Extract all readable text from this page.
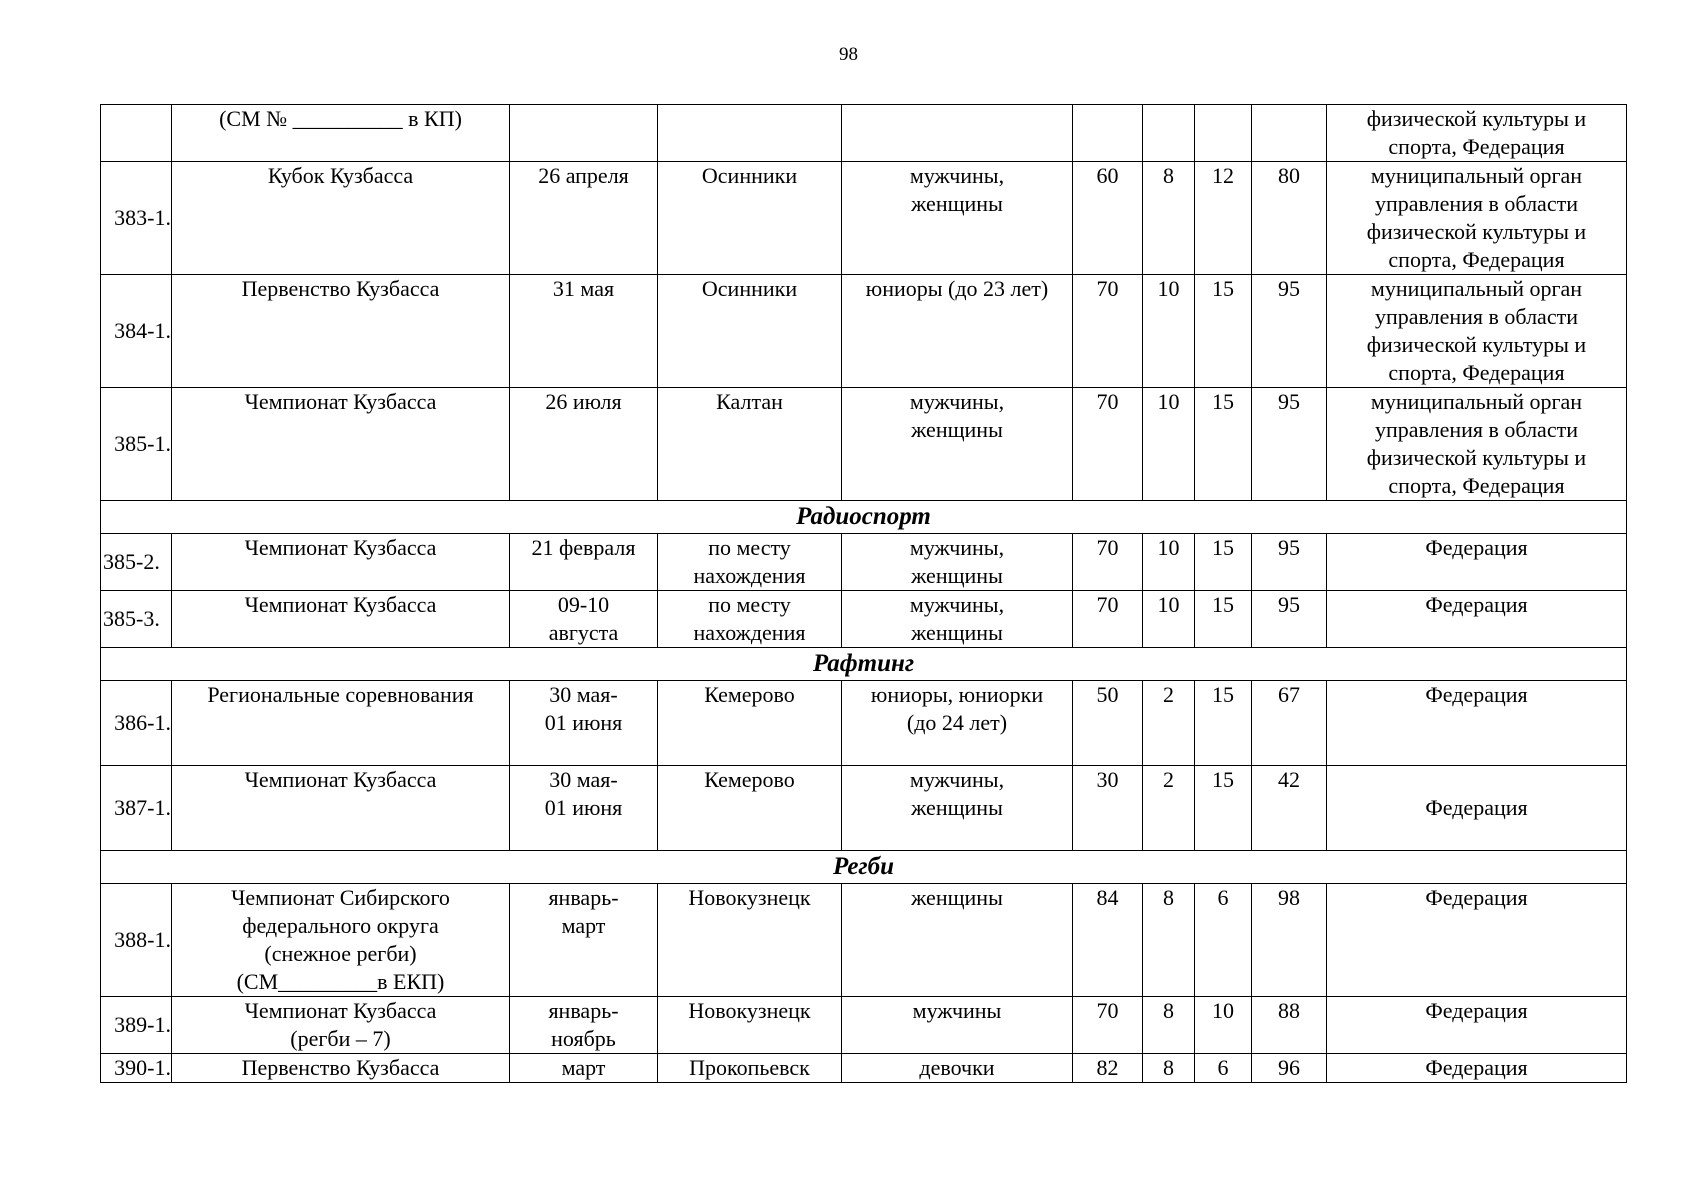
98

	(СМ № __________ в КП)								физической культуры и
спорта, Федерация

383-1.	Кубок Кузбасса	26 апреля	Осинники	мужчины,
женщины	60	8	12	80	муниципальный орган
управления в области
физической культуры и
спорта, Федерация

384-1.	Первенство Кузбасса	31 мая	Осинники	юниоры (до 23 лет)	70	10	15	95	муниципальный орган
управления в области
физической культуры и
спорта, Федерация

385-1.	Чемпионат Кузбасса	26 июля	Калтан	мужчины,
женщины	70	10	15	95	муниципальный орган
управления в области
физической культуры и
спорта, Федерация

Радиоспорт									
385-2.	Чемпионат Кузбасса	21 февраля	по месту
нахождения	мужчины,
женщины	70	10	15	95	Федерация

385-3.	Чемпионат Кузбасса	09-10
августа	по месту
нахождения	мужчины,
женщины	70	10	15	95	Федерация

Рафтинг									
386-1.	Региональные соревнования	30 мая-
01 июня	Кемерово	юниоры, юниорки
(до 24 лет)	50	2	15	67	Федерация

387-1.	Чемпионат Кузбасса	30 мая-
01 июня	Кемерово	мужчины,
женщины	30	2	15	42	Федерация

Регби									
388-1.	Чемпионат Сибирского
федерального округа
(снежное регби)
(СМ_________в ЕКП)	январь-
март	Новокузнецк	женщины	84	8	6	98	Федерация

389-1.	Чемпионат Кузбасса
(регби – 7)	январь-
ноябрь	Новокузнецк	мужчины	70	8	10	88	Федерация

390-1.	Первенство Кузбасса	март	Прокопьевск	девочки	82	8	6	96	Федерация
